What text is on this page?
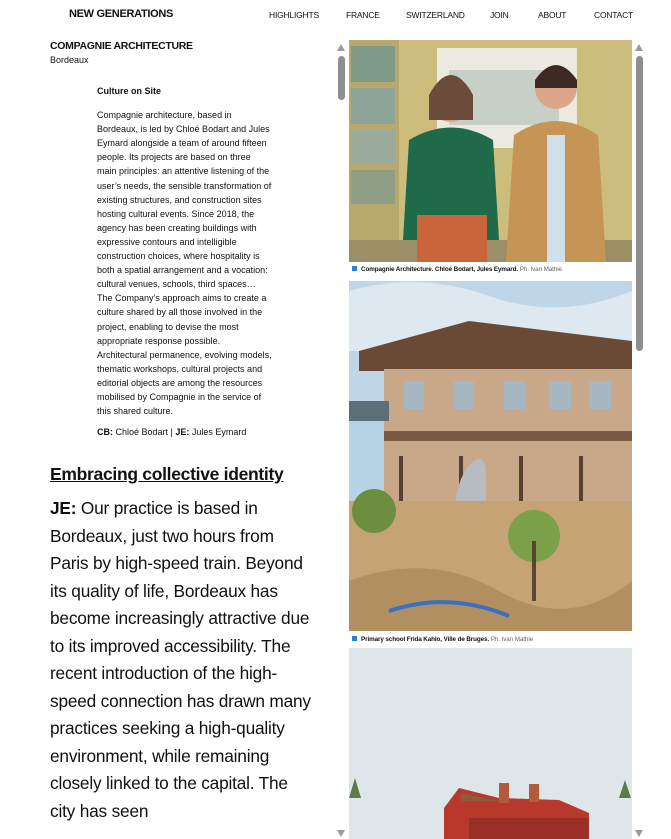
NEW GENERATIONS	HIGHLIGHTS	FRANCE	SWITZERLAND	JOIN	ABOUT	CONTACT
COMPAGNIE ARCHITECTURE
Bordeaux
Culture on Site

Compagnie architecture, based in Bordeaux, is led by Chloé Bodart and Jules Eymard alongside a team of around fifteen people. Its projects are based on three main principles: an attentive listening of the user’s needs, the sensible transformation of existing structures, and construction sites hosting cultural events. Since 2018, the agency has been creating buildings with expressive contours and intelligible construction choices, where hospitality is both a spatial arrangement and a vocation: cultural venues, schools, third spaces… The Company’s approach aims to create a culture shared by all those involved in the project, enabling to devise the most appropriate response possible. Architectural permanence, evolving models, thematic workshops, cultural projects and editorial objects are among the resources mobilised by Compagnie in the service of this shared culture.

CB: Chloé Bodart | JE: Jules Eymard

Embracing collective identity
JE: Our practice is based in Bordeaux, just two hours from Paris by high-speed train. Beyond its quality of life, Bordeaux has become increasingly attractive due to its improved accessibility. The recent introduction of the high-speed connection has drawn many practices seeking a high-quality environment, while remaining closely linked to the capital. The city has seen
Compagnie Architecture. Chloé Bodart, Jules Eymard. Ph. Ivan Mathie
Primary school Frida Kahlo, Ville de Bruges. Ph. Ivan Mathie
